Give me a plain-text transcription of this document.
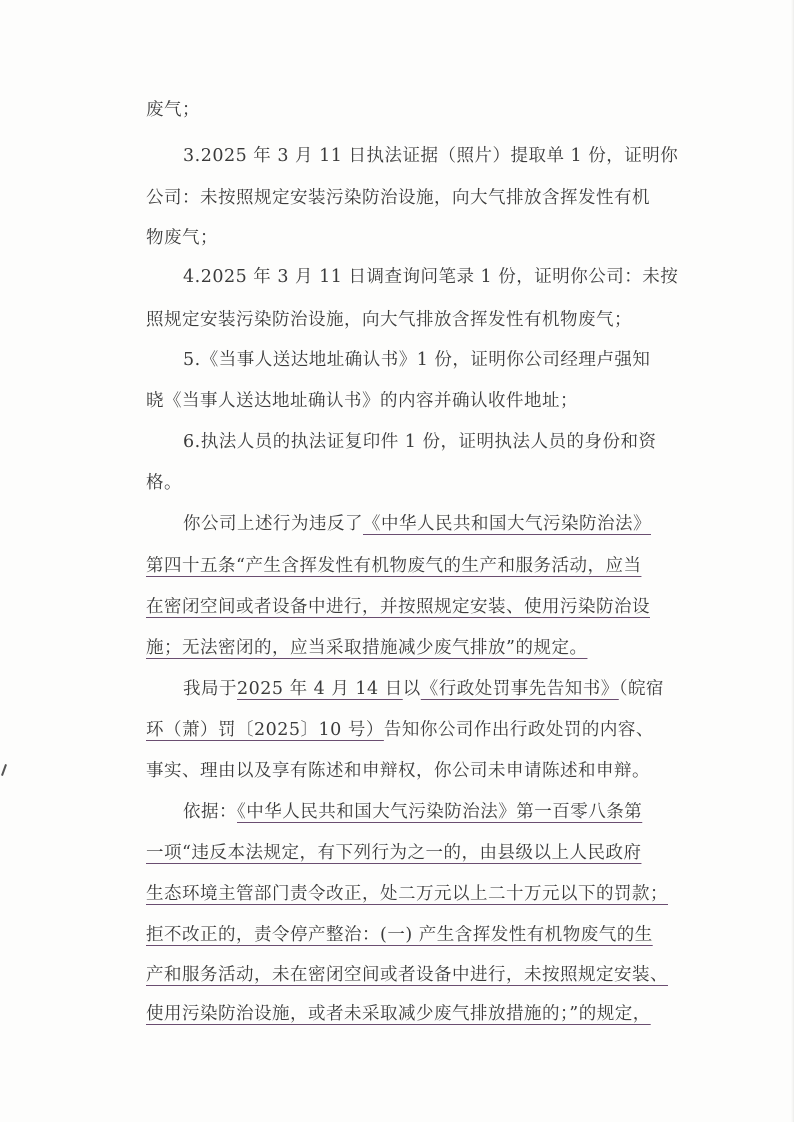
废气；
3.2025 年 3 月 11 日执法证据（照片）提取单 1 份，证明你
公司：未按照规定安装污染防治设施，向大气排放含挥发性有机
物废气；
4.2025 年 3 月 11 日调查询问笔录 1 份，证明你公司：未按
照规定安装污染防治设施，向大气排放含挥发性有机物废气；
5.《当事人送达地址确认书》1 份，证明你公司经理卢强知
晓《当事人送达地址确认书》的内容并确认收件地址；
6.执法人员的执法证复印件 1 份，证明执法人员的身份和资
格。
你公司上述行为违反了《中华人民共和国大气污染防治法》
第四十五条“产生含挥发性有机物废气的生产和服务活动，应当
在密闭空间或者设备中进行，并按照规定安装、使用污染防治设
施；无法密闭的，应当采取措施减少废气排放”的规定。
我局于2025 年 4 月 14 日以《行政处罚事先告知书》（皖宿
环（萧）罚〔2025〕10 号）告知你公司作出行政处罚的内容、
事实、理由以及享有陈述和申辩权，你公司未申请陈述和申辩。
依据：《中华人民共和国大气污染防治法》第一百零八条第
一项“违反本法规定，有下列行为之一的，由县级以上人民政府
生态环境主管部门责令改正，处二万元以上二十万元以下的罚款；
拒不改正的，责令停产整治：(一) 产生含挥发性有机物废气的生
产和服务活动，未在密闭空间或者设备中进行，未按照规定安装、
使用污染防治设施，或者未采取减少废气排放措施的；”的规定，
